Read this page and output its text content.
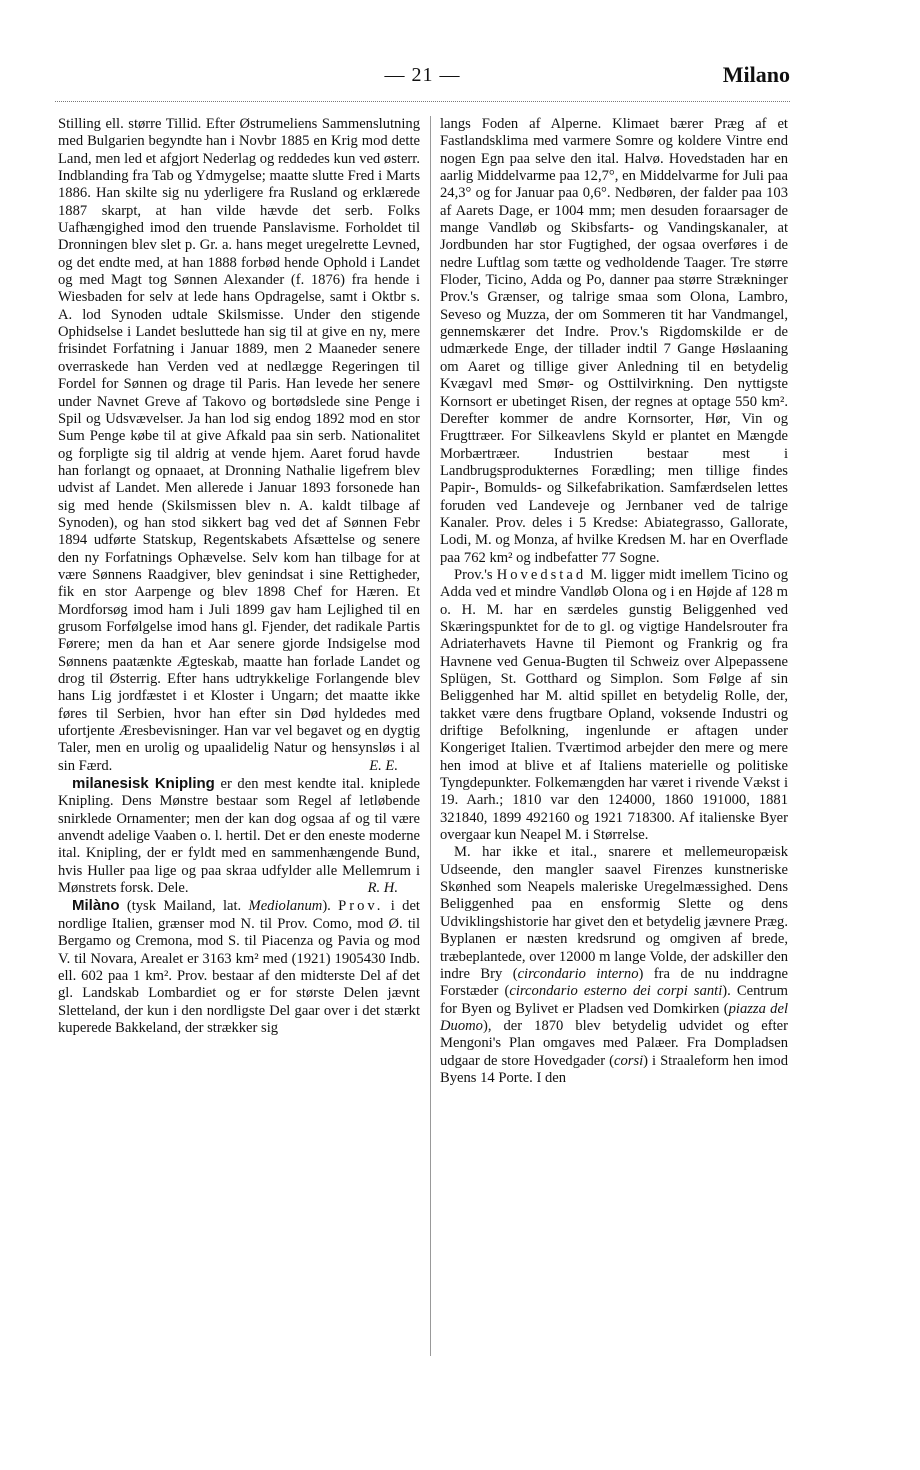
— 21 —	Milano

Stilling ell. større Tillid. Efter Østrumeliens Sammenslutning med Bulgarien begyndte han i Novbr 1885 en Krig mod dette Land, men led et afgjort Nederlag og reddedes kun ved østerr. Indblanding fra Tab og Ydmygelse; maatte slutte Fred i Marts 1886. Han skilte sig nu yderligere fra Rusland og erklærede 1887 skarpt, at han vilde hævde det serb. Folks Uafhængighed imod den truende Panslavisme. Forholdet til Dronningen blev slet p. Gr. a. hans meget uregelrette Levned, og det endte med, at han 1888 forbød hende Ophold i Landet og med Magt tog Sønnen Alexander (f. 1876) fra hende i Wiesbaden for selv at lede hans Opdragelse, samt i Oktbr s. A. lod Synoden udtale Skilsmisse. Under den stigende Ophidselse i Landet besluttede han sig til at give en ny, mere frisindet Forfatning i Januar 1889, men 2 Maaneder senere overraskede han Verden ved at nedlægge Regeringen til Fordel for Sønnen og drage til Paris. Han levede her senere under Navnet Greve af Takovo og bortødslede sine Penge i Spil og Udsvævelser. Ja han lod sig endog 1892 mod en stor Sum Penge købe til at give Afkald paa sin serb. Nationalitet og forpligte sig til aldrig at vende hjem. Aaret forud havde han forlangt og opnaaet, at Dronning Nathalie ligefrem blev udvist af Landet. Men allerede i Januar 1893 forsonede han sig med hende (Skilsmissen blev n. A. kaldt tilbage af Synoden), og han stod sikkert bag ved det af Sønnen Febr 1894 udførte Statskup, Regentskabets Afsættelse og senere den ny Forfatnings Ophævelse. Selv kom han tilbage for at være Sønnens Raadgiver, blev genindsat i sine Rettigheder, fik en stor Aarpenge og blev 1898 Chef for Hæren. Et Mordforsøg imod ham i Juli 1899 gav ham Lejlighed til en grusom Forfølgelse imod hans gl. Fjender, det radikale Partis Førere; men da han et Aar senere gjorde Indsigelse mod Sønnens paatænkte Ægteskab, maatte han forlade Landet og drog til Østerrig. Efter hans udtrykkelige Forlangende blev hans Lig jordfæstet i et Kloster i Ungarn; det maatte ikke føres til Serbien, hvor han efter sin Død hyldedes med ufortjente Æresbevisninger. Han var vel begavet og en dygtig Taler, men en urolig og upaalidelig Natur og hensynsløs i al sin Færd.	E. E.

milanesisk Knipling er den mest kendte ital. kniplede Knipling. Dens Mønstre bestaar som Regel af letløbende snirklede Ornamenter; men der kan dog ogsaa af og til være anvendt adelige Vaaben o. l. hertil. Det er den eneste moderne ital. Knipling, der er fyldt med en sammenhængende Bund, hvis Huller paa lige og paa skraa udfylder alle Mellemrum i Mønstrets forsk. Dele.	R. H.

Milàno (tysk Mailand, lat. Mediolanum). Prov. i det nordlige Italien, grænser mod N. til Prov. Como, mod Ø. til Bergamo og Cremona, mod S. til Piacenza og Pavia og mod V. til Novara, Arealet er 3163 km² med (1921) 1905430 Indb. ell. 602 paa 1 km². Prov. bestaar af den midterste Del af det gl. Landskab Lombardiet og er for største Delen jævnt Sletteland, der kun i den nordligste Del gaar over i det stærkt kuperede Bakkeland, der strækker sig

langs Foden af Alperne. Klimaet bærer Præg af et Fastlandsklima med varmere Somre og koldere Vintre end nogen Egn paa selve den ital. Halvø. Hovedstaden har en aarlig Middelvarme paa 12,7°, en Middelvarme for Juli paa 24,3° og for Januar paa 0,6°. Nedbøren, der falder paa 103 af Aarets Dage, er 1004 mm; men desuden foraarsager de mange Vandløb og Skibsfarts- og Vandingskanaler, at Jordbunden har stor Fugtighed, der ogsaa overføres i de nedre Luftlag som tætte og vedholdende Taager. Tre større Floder, Ticino, Adda og Po, danner paa større Strækninger Prov.'s Grænser, og talrige smaa som Olona, Lambro, Seveso og Muzza, der om Sommeren tit har Vandmangel, gennemskærer det Indre. Prov.'s Rigdomskilde er de udmærkede Enge, der tillader indtil 7 Gange Høslaaning om Aaret og tillige giver Anledning til en betydelig Kvægavl med Smør- og Osttilvirkning. Den nyttigste Kornsort er ubetinget Risen, der regnes at optage 550 km². Derefter kommer de andre Kornsorter, Hør, Vin og Frugttræer. For Silkeavlens Skyld er plantet en Mængde Morbærtræer. Industrien bestaar mest i Landbrugsprodukternes Forædling; men tillige findes Papir-, Bomulds- og Silkefabrikation. Samfærdselen lettes foruden ved Landeveje og Jernbaner ved de talrige Kanaler. Prov. deles i 5 Kredse: Abiategrasso, Gallorate, Lodi, M. og Monza, af hvilke Kredsen M. har en Overflade paa 762 km² og indbefatter 77 Sogne.

Prov.'s Hovedstad M. ligger midt imellem Ticino og Adda ved et mindre Vandløb Olona og i en Højde af 128 m o. H. M. har en særdeles gunstig Beliggenhed ved Skæringspunktet for de to gl. og vigtige Handelsrouter fra Adriaterhavets Havne til Piemont og Frankrig og fra Havnene ved Genua-Bugten til Schweiz over Alpepassene Splügen, St. Gotthard og Simplon. Som Følge af sin Beliggenhed har M. altid spillet en betydelig Rolle, der, takket være dens frugtbare Opland, voksende Industri og driftige Befolkning, ingenlunde er aftagen under Kongeriget Italien. Tværtimod arbejder den mere og mere hen imod at blive et af Italiens materielle og politiske Tyngdepunkter. Folkemængden har været i rivende Vækst i 19. Aarh.; 1810 var den 124000, 1860 191000, 1881 321840, 1899 492160 og 1921 718300. Af italienske Byer overgaar kun Neapel M. i Størrelse.

M. har ikke et ital., snarere et mellemeuropæisk Udseende, den mangler saavel Firenzes kunstneriske Skønhed som Neapels maleriske Uregelmæssighed. Dens Beliggenhed paa en ensformig Slette og dens Udviklingshistorie har givet den et betydelig jævnere Præg. Byplanen er næsten kredsrund og omgiven af brede, træbeplantede, over 12000 m lange Volde, der adskiller den indre Bry (circondario interno) fra de nu inddragne Forstæder (circondario esterno dei corpi santi). Centrum for Byen og Bylivet er Pladsen ved Domkirken (piazza del Duomo), der 1870 blev betydelig udvidet og efter Mengoni's Plan omgaves med Palæer. Fra Dompladsen udgaar de store Hovedgader (corsi) i Straaleform hen imod Byens 14 Porte. I den
